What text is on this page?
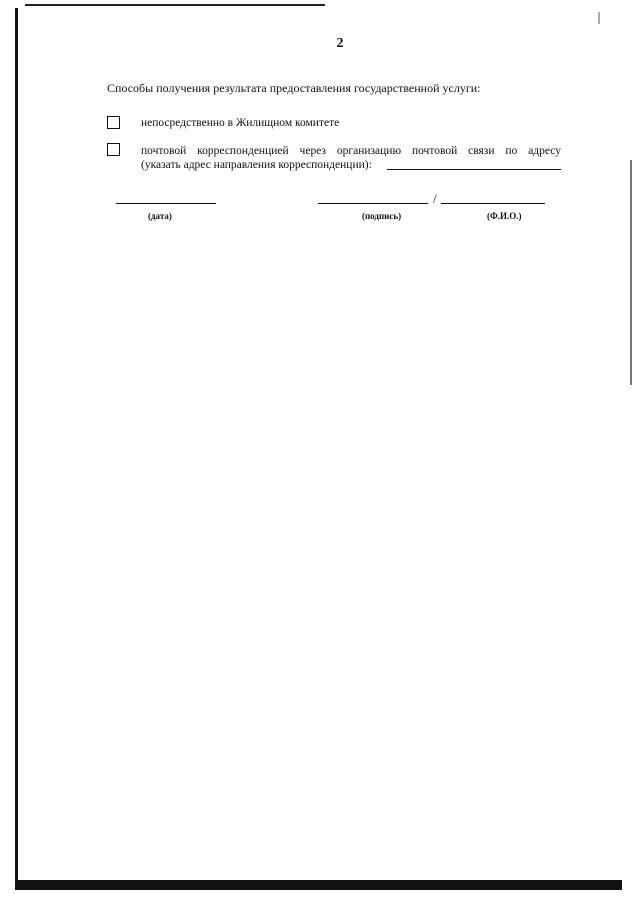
2
Способы получения результата предоставления государственной услуги:
непосредственно в Жилищном комитете
почтовой корреспонденцией через организацию почтовой связи по адресу
(указать адрес направления корреспонденции):
/
(дата)	(подпись)	(Ф.И.О.)
